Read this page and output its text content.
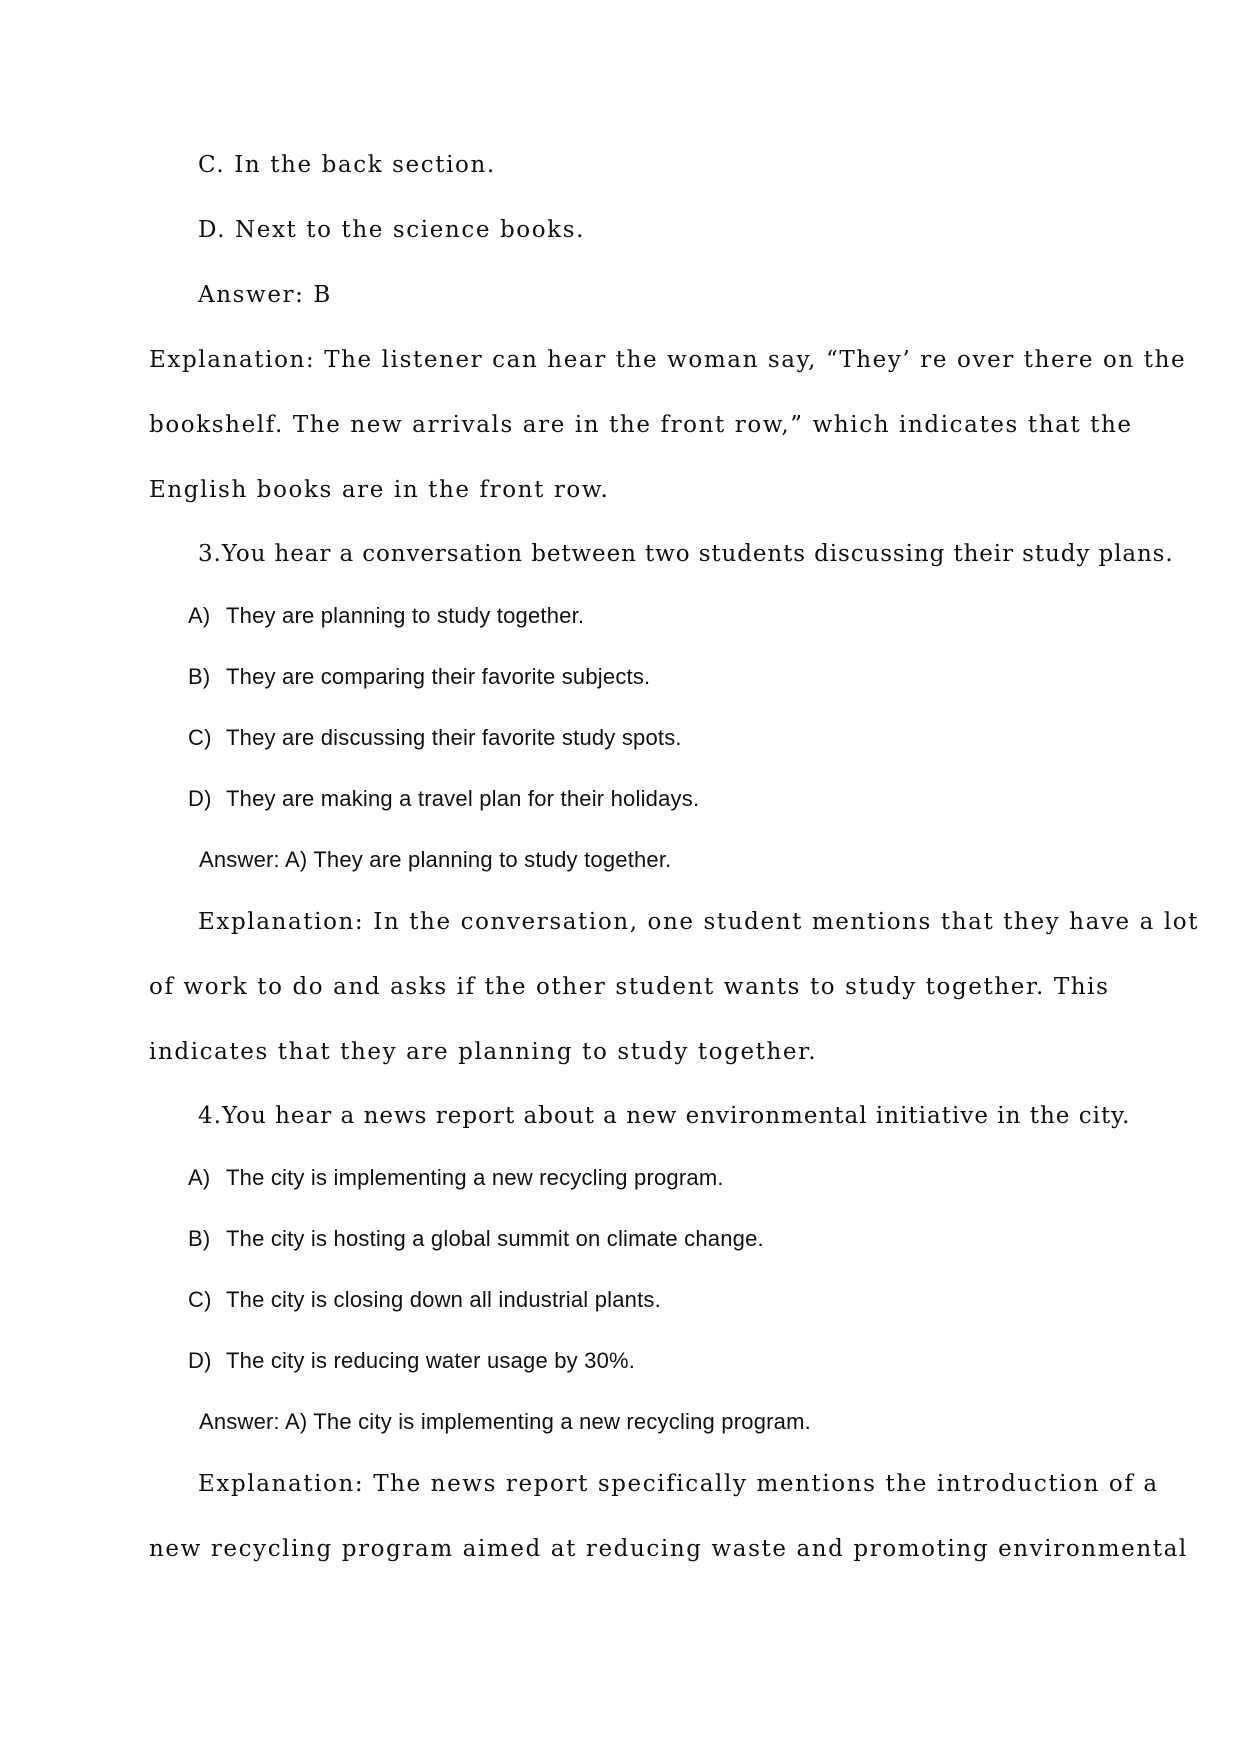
C. In the back section.
D. Next to the science books.
Answer: B
Explanation: The listener can hear the woman say, “They’ re over there on the
bookshelf. The new arrivals are in the front row,” which indicates that the
English books are in the front row.
3.You hear a conversation between two students discussing their study plans.
A) They are planning to study together.
B) They are comparing their favorite subjects.
C) They are discussing their favorite study spots.
D) They are making a travel plan for their holidays.
Answer: A) They are planning to study together.
Explanation: In the conversation, one student mentions that they have a lot
of work to do and asks if the other student wants to study together. This
indicates that they are planning to study together.
4.You hear a news report about a new environmental initiative in the city.
A) The city is implementing a new recycling program.
B) The city is hosting a global summit on climate change.
C) The city is closing down all industrial plants.
D) The city is reducing water usage by 30%.
Answer: A) The city is implementing a new recycling program.
Explanation: The news report specifically mentions the introduction of a
new recycling program aimed at reducing waste and promoting environmental
